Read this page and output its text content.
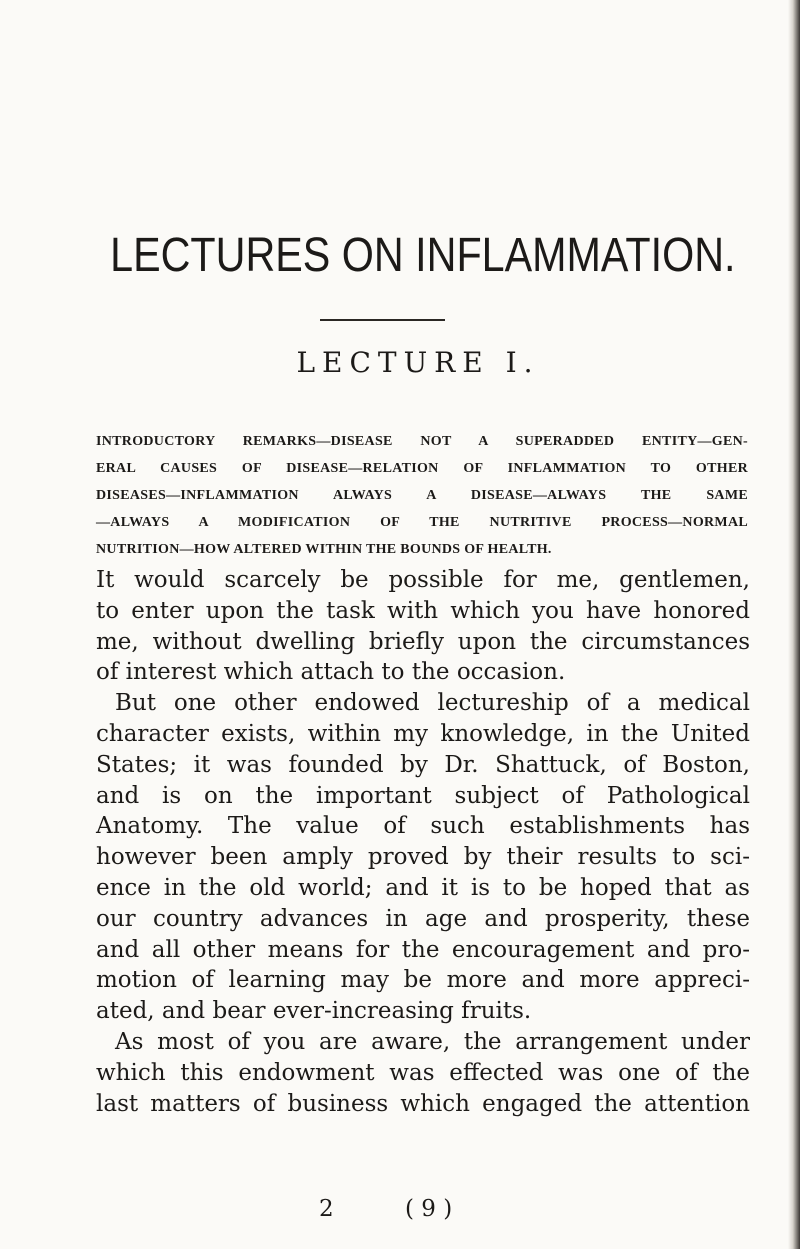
LECTURES ON INFLAMMATION.
LECTURE I.
INTRODUCTORY REMARKS—DISEASE NOT A SUPERADDED ENTITY—GEN-
ERAL CAUSES OF DISEASE—RELATION OF INFLAMMATION TO OTHER
DISEASES—INFLAMMATION ALWAYS A DISEASE—ALWAYS THE SAME
—ALWAYS A MODIFICATION OF THE NUTRITIVE PROCESS—NORMAL
NUTRITION—HOW ALTERED WITHIN THE BOUNDS OF HEALTH.
It would scarcely be possible for me, gentlemen,
to enter upon the task with which you have honored
me, without dwelling briefly upon the circumstances
of interest which attach to the occasion.
But one other endowed lectureship of a medical
character exists, within my knowledge, in the United
States; it was founded by Dr. Shattuck, of Boston,
and is on the important subject of Pathological
Anatomy. The value of such establishments has
however been amply proved by their results to sci-
ence in the old world; and it is to be hoped that as
our country advances in age and prosperity, these
and all other means for the encouragement and pro-
motion of learning may be more and more appreci-
ated, and bear ever-increasing fruits.
As most of you are aware, the arrangement under
which this endowment was effected was one of the
last matters of business which engaged the attention
2	( 9 )
